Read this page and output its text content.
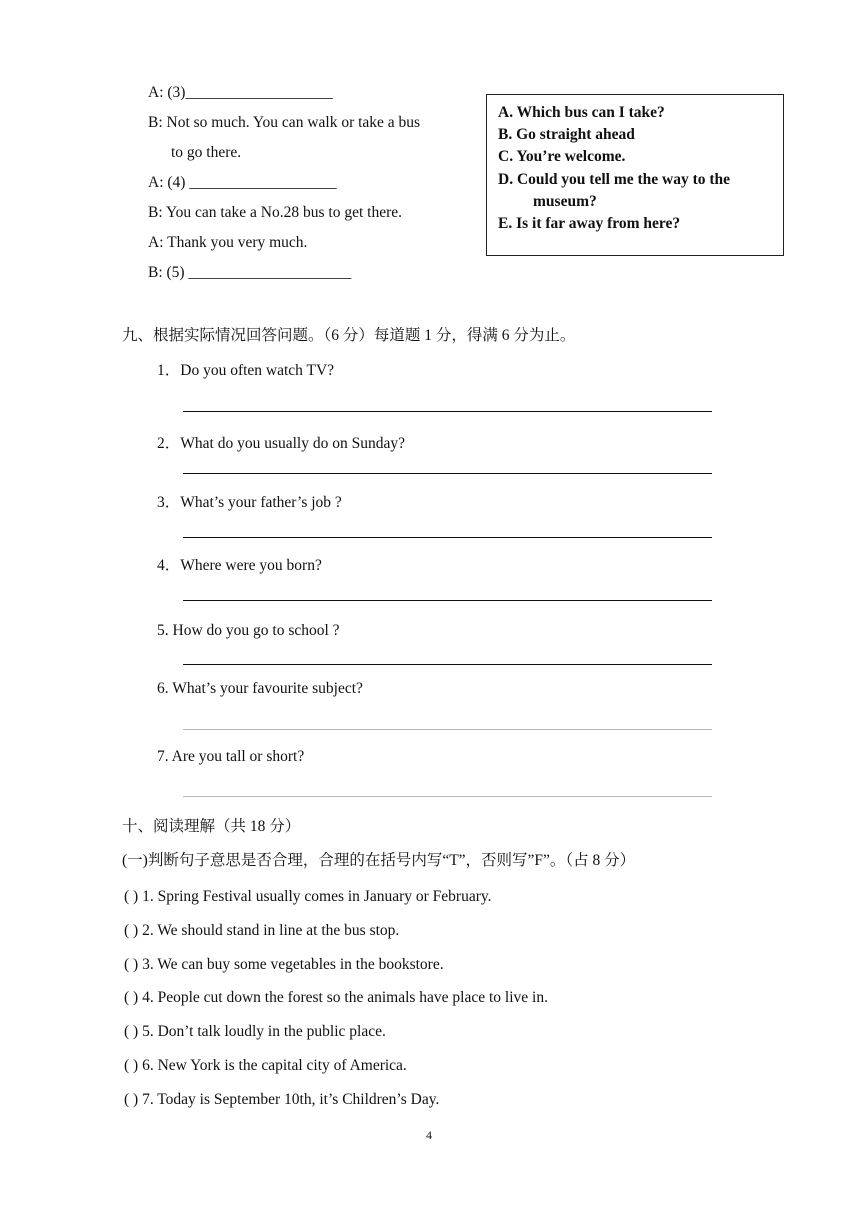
A: (3)___________________
B: Not so much. You can walk or take a bus
to go there.
A: (4) ___________________
B: You can take a No.28 bus to get there.
A: Thank you very much.
B: (5) _____________________
A. Which bus can I take?
B. Go straight ahead
C. You’re welcome.
D. Could you tell me the way to the
museum?
E. Is it far away from here?
九、根据实际情况回答问题。（6 分）每道题 1 分，得满 6 分为止。
1．Do you often watch TV?
2．What do you usually do on Sunday?
3．What’s your father’s job ?
4．Where were you born?
5. How do you go to school ?
6. What’s your favourite subject?
7. Are you tall or short?
十、阅读理解（共 18 分）
(一)判断句子意思是否合理，合理的在括号内写“T”，否则写”F”。（占 8 分）
( ) 1. Spring Festival usually comes in January or February.
( ) 2. We should stand in line at the bus stop.
( ) 3. We can buy some vegetables in the bookstore.
( ) 4. People cut down the forest so the animals have place to live in.
( ) 5. Don’t talk loudly in the public place.
( ) 6. New York is the capital city of America.
( ) 7. Today is September 10th, it’s Children’s Day.
4
